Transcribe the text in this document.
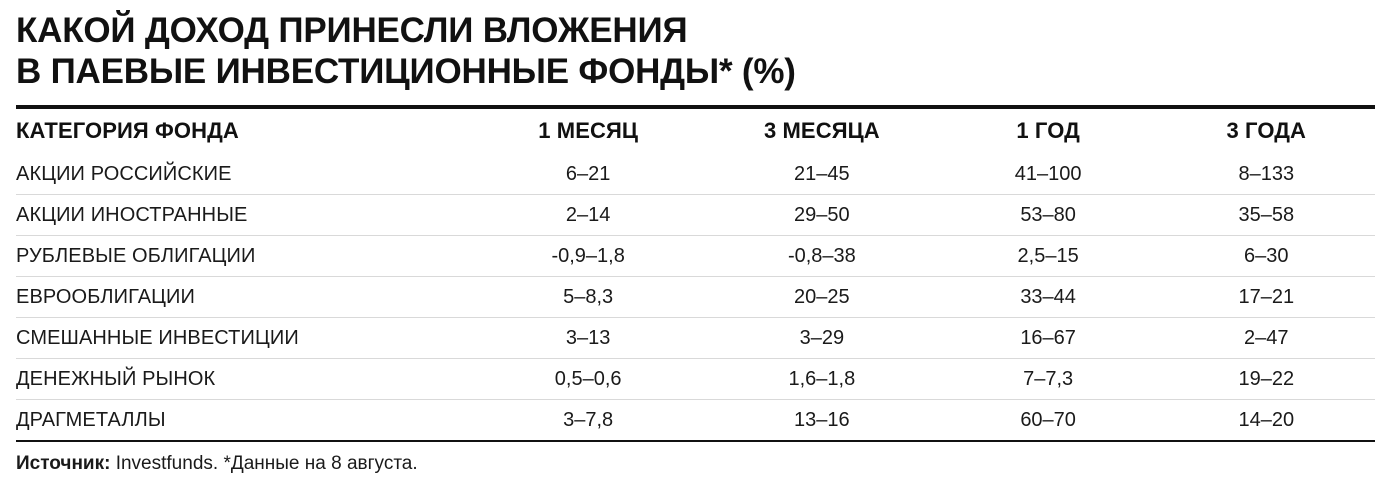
КАКОЙ ДОХОД ПРИНЕСЛИ ВЛОЖЕНИЯ
В ПАЕВЫЕ ИНВЕСТИЦИОННЫЕ ФОНДЫ* (%)
КАТЕГОРИЯ ФОНДА	1 МЕСЯЦ	3 МЕСЯЦА	1 ГОД	3 ГОДА
АКЦИИ РОССИЙСКИЕ	6–21	21–45	41–100	8–133
АКЦИИ ИНОСТРАННЫЕ	2–14	29–50	53–80	35–58
РУБЛЕВЫЕ ОБЛИГАЦИИ	-0,9–1,8	-0,8–38	2,5–15	6–30
ЕВРООБЛИГАЦИИ	5–8,3	20–25	33–44	17–21
СМЕШАННЫЕ ИНВЕСТИЦИИ	3–13	3–29	16–67	2–47
ДЕНЕЖНЫЙ РЫНОК	0,5–0,6	1,6–1,8	7–7,3	19–22
ДРАГМЕТАЛЛЫ	3–7,8	13–16	60–70	14–20
Источник: Investfunds. *Данные на 8 августа.
